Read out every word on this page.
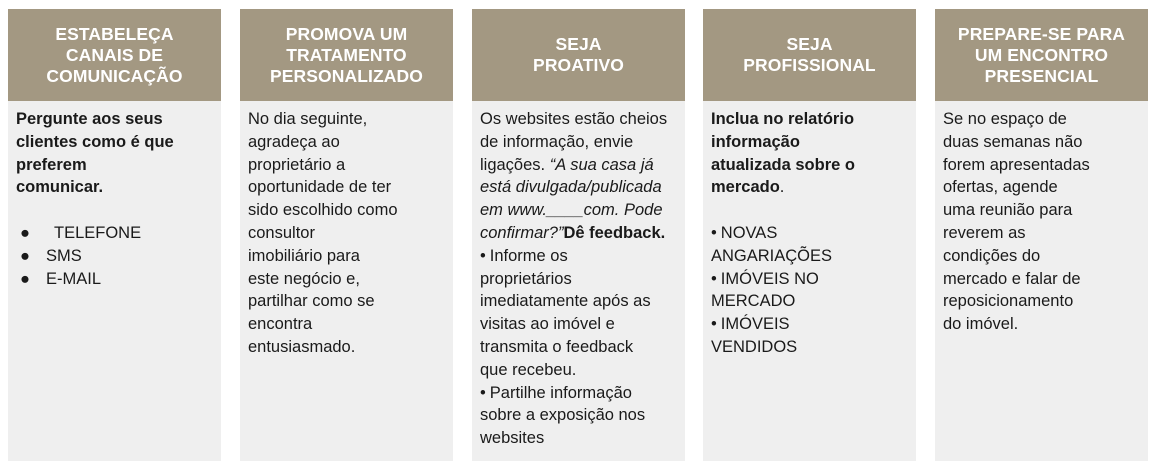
ESTABELEÇA
CANAIS DE
COMUNICAÇÃO

Pergunte aos seus
clientes como é que
preferem
comunicar.

● TELEFONE
● SMS
● E-MAIL
PROMOVA UM
TRATAMENTO
PERSONALIZADO

No dia seguinte,
agradeça ao
proprietário a
oportunidade de ter
sido escolhido como
consultor
imobiliário para
este negócio e,
partilhar como se
encontra
entusiasmado.

SEJA
PROATIVO

Os websites estão cheios
de informação, envie
ligações. “A sua casa já
está divulgada/publicada
em www.____com. Pode
confirmar?”Dê feedback.

• Informe os
proprietários
imediatamente após as
visitas ao imóvel e
transmita o feedback
que recebeu.
• Partilhe informação
sobre a exposição nos
websites
SEJA
PROFISSIONAL

Inclua no relatório
informação
atualizada sobre o
mercado.

• NOVAS
ANGARIAÇÕES
• IMÓVEIS NO
MERCADO
• IMÓVEIS
VENDIDOS
PREPARE-SE PARA
UM ENCONTRO
PRESENCIAL

Se no espaço de
duas semanas não
forem apresentadas
ofertas, agende
uma reunião para
reverem as
condições do
mercado e falar de
reposicionamento
do imóvel.
